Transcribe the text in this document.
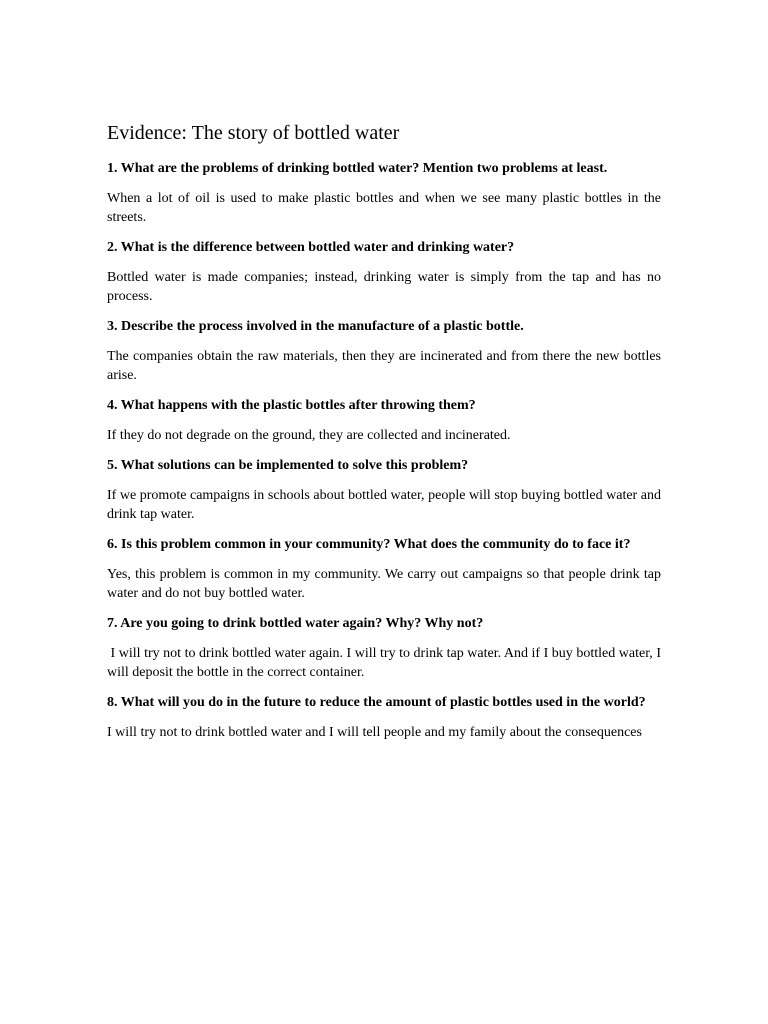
Evidence: The story of bottled water

1. What are the problems of drinking bottled water? Mention two problems at least.

When a lot of oil is used to make plastic bottles and when we see many plastic bottles in the streets.

2. What is the difference between bottled water and drinking water?

Bottled water is made companies; instead, drinking water is simply from the tap and has no process.

3. Describe the process involved in the manufacture of a plastic bottle.

The companies obtain the raw materials, then they are incinerated and from there the new bottles arise.

4. What happens with the plastic bottles after throwing them?

If they do not degrade on the ground, they are collected and incinerated.

5. What solutions can be implemented to solve this problem?

If we promote campaigns in schools about bottled water, people will stop buying bottled water and drink tap water.

6. Is this problem common in your community? What does the community do to face it?

Yes, this problem is common in my community. We carry out campaigns so that people drink tap water and do not buy bottled water.

7. Are you going to drink bottled water again? Why? Why not?

I will try not to drink bottled water again. I will try to drink tap water. And if I buy bottled water, I will deposit the bottle in the correct container.

8. What will you do in the future to reduce the amount of plastic bottles used in the world?

I will try not to drink bottled water and I will tell people and my family about the consequences
